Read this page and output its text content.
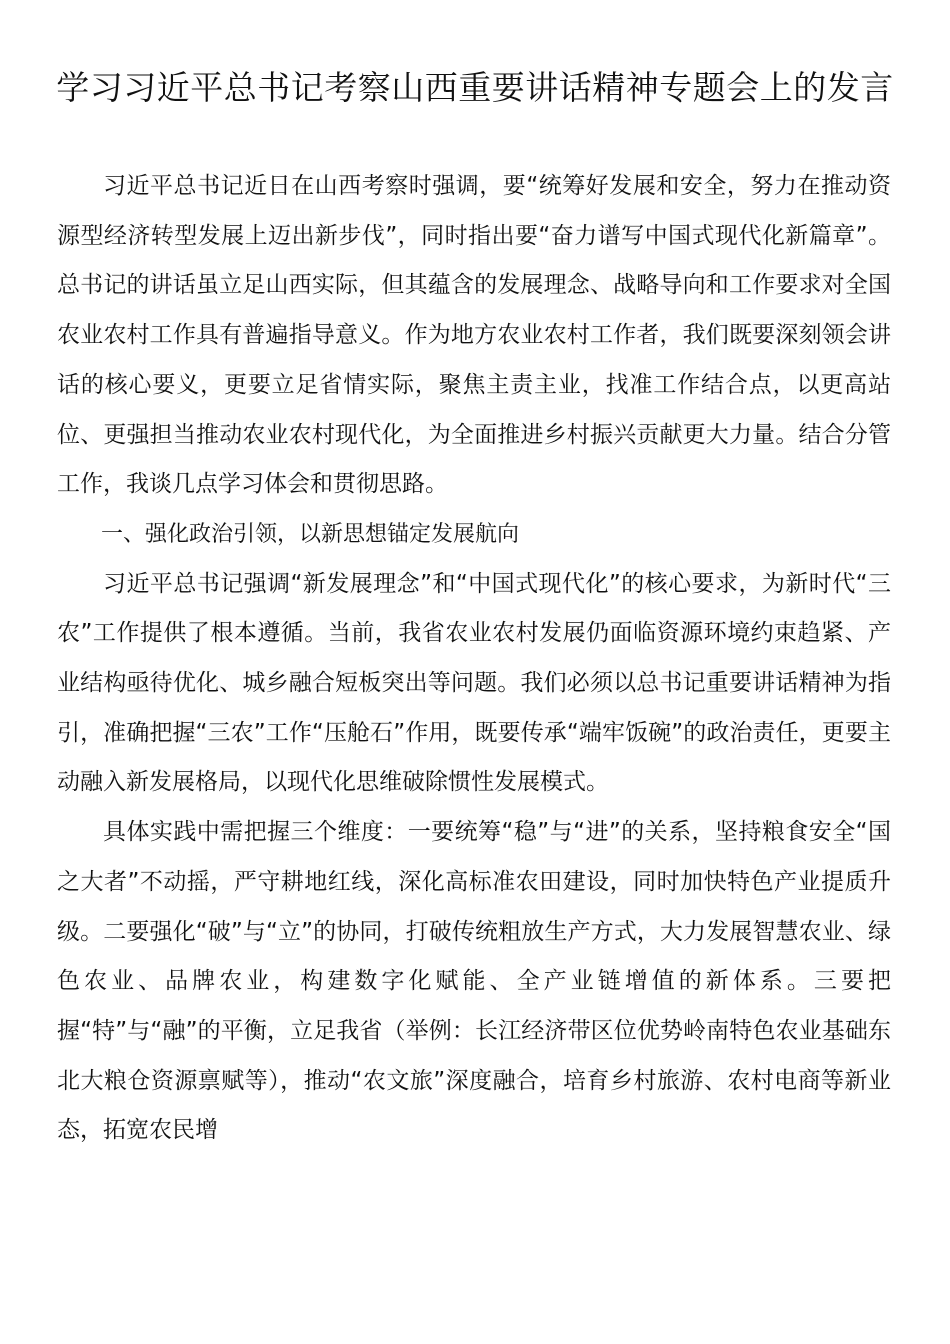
学习习近平总书记考察山西重要讲话精神专题会上的发言

习近平总书记近日在山西考察时强调，要“统筹好发展和安全，努力在推动资源型经济转型发展上迈出新步伐”，同时指出要“奋力谱写中国式现代化新篇章”。总书记的讲话虽立足山西实际，但其蕴含的发展理念、战略导向和工作要求对全国农业农村工作具有普遍指导意义。作为地方农业农村工作者，我们既要深刻领会讲话的核心要义，更要立足省情实际，聚焦主责主业，找准工作结合点，以更高站位、更强担当推动农业农村现代化，为全面推进乡村振兴贡献更大力量。结合分管工作，我谈几点学习体会和贯彻思路。

一、强化政治引领，以新思想锚定发展航向

习近平总书记强调“新发展理念”和“中国式现代化”的核心要求，为新时代“三农”工作提供了根本遵循。当前，我省农业农村发展仍面临资源环境约束趋紧、产业结构亟待优化、城乡融合短板突出等问题。我们必须以总书记重要讲话精神为指引，准确把握“三农”工作“压舱石”作用，既要传承“端牢饭碗”的政治责任，更要主动融入新发展格局，以现代化思维破除惯性发展模式。

具体实践中需把握三个维度：一要统筹“稳”与“进”的关系，坚持粮食安全“国之大者”不动摇，严守耕地红线，深化高标准农田建设，同时加快特色产业提质升级。二要强化“破”与“立”的协同，打破传统粗放生产方式，大力发展智慧农业、绿色农业、品牌农业，构建数字化赋能、全产业链增值的新体系。三要把握“特”与“融”的平衡，立足我省（举例：长江经济带区位优势岭南特色农业基础东北大粮仓资源禀赋等），推动“农文旅”深度融合，培育乡村旅游、农村电商等新业态，拓宽农民增
